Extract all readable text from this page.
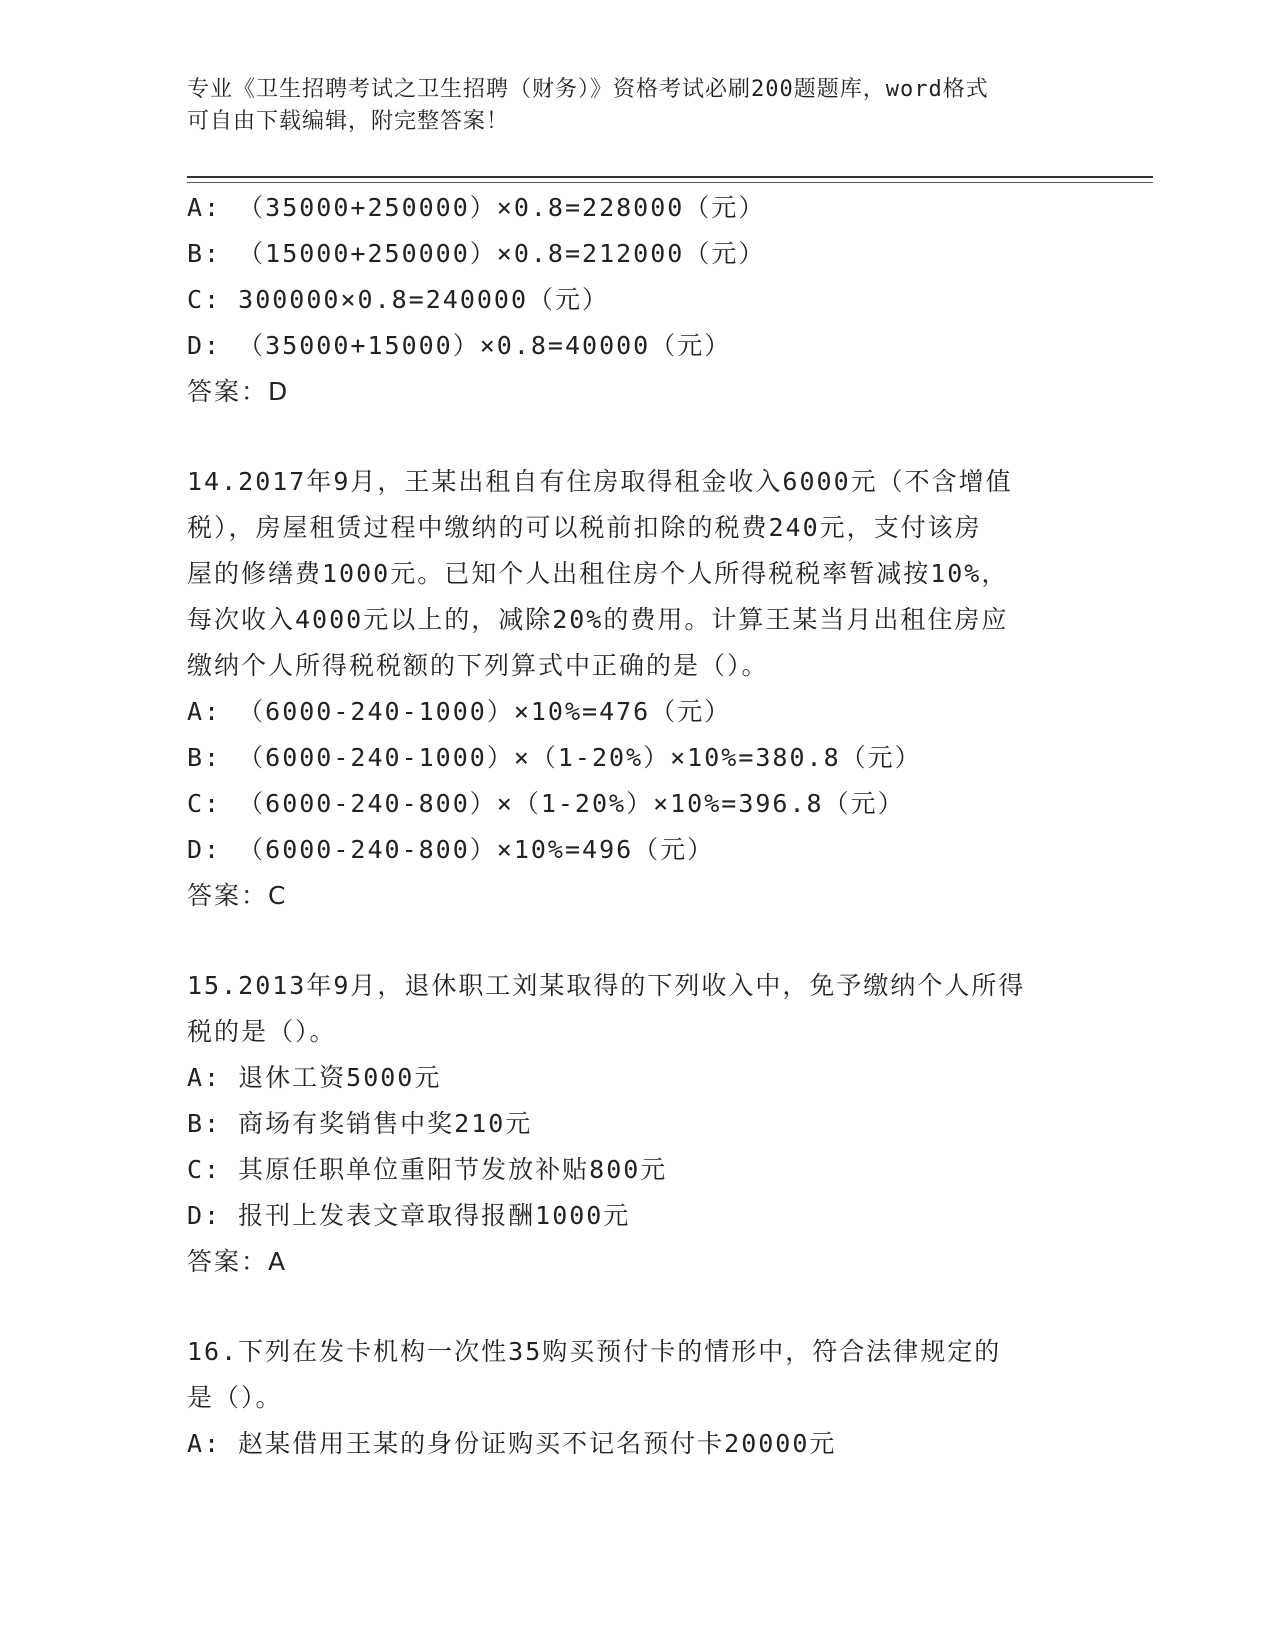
专业《卫生招聘考试之卫生招聘（财务）》资格考试必刷200题题库，word格式
可自由下载编辑，附完整答案！
A: （35000+250000）×0.8=228000（元）
B: （15000+250000）×0.8=212000（元）
C: 300000×0.8=240000（元）
D: （35000+15000）×0.8=40000（元）
答案：D
14.2017年9月，王某出租自有住房取得租金收入6000元（不含增值
税），房屋租赁过程中缴纳的可以税前扣除的税费240元，支付该房
屋的修缮费1000元。已知个人出租住房个人所得税税率暂减按10%，
每次收入4000元以上的，减除20%的费用。计算王某当月出租住房应
缴纳个人所得税税额的下列算式中正确的是（）。
A: （6000-240-1000）×10%=476（元）
B: （6000-240-1000）×（1-20%）×10%=380.8（元）
C: （6000-240-800）×（1-20%）×10%=396.8（元）
D: （6000-240-800）×10%=496（元）
答案：C
15.2013年9月，退休职工刘某取得的下列收入中，免予缴纳个人所得
税的是（）。
A: 退休工资5000元
B: 商场有奖销售中奖210元
C: 其原任职单位重阳节发放补贴800元
D: 报刊上发表文章取得报酬1000元
答案：A
16.下列在发卡机构一次性35购买预付卡的情形中，符合法律规定的
是（）。
A: 赵某借用王某的身份证购买不记名预付卡20000元
